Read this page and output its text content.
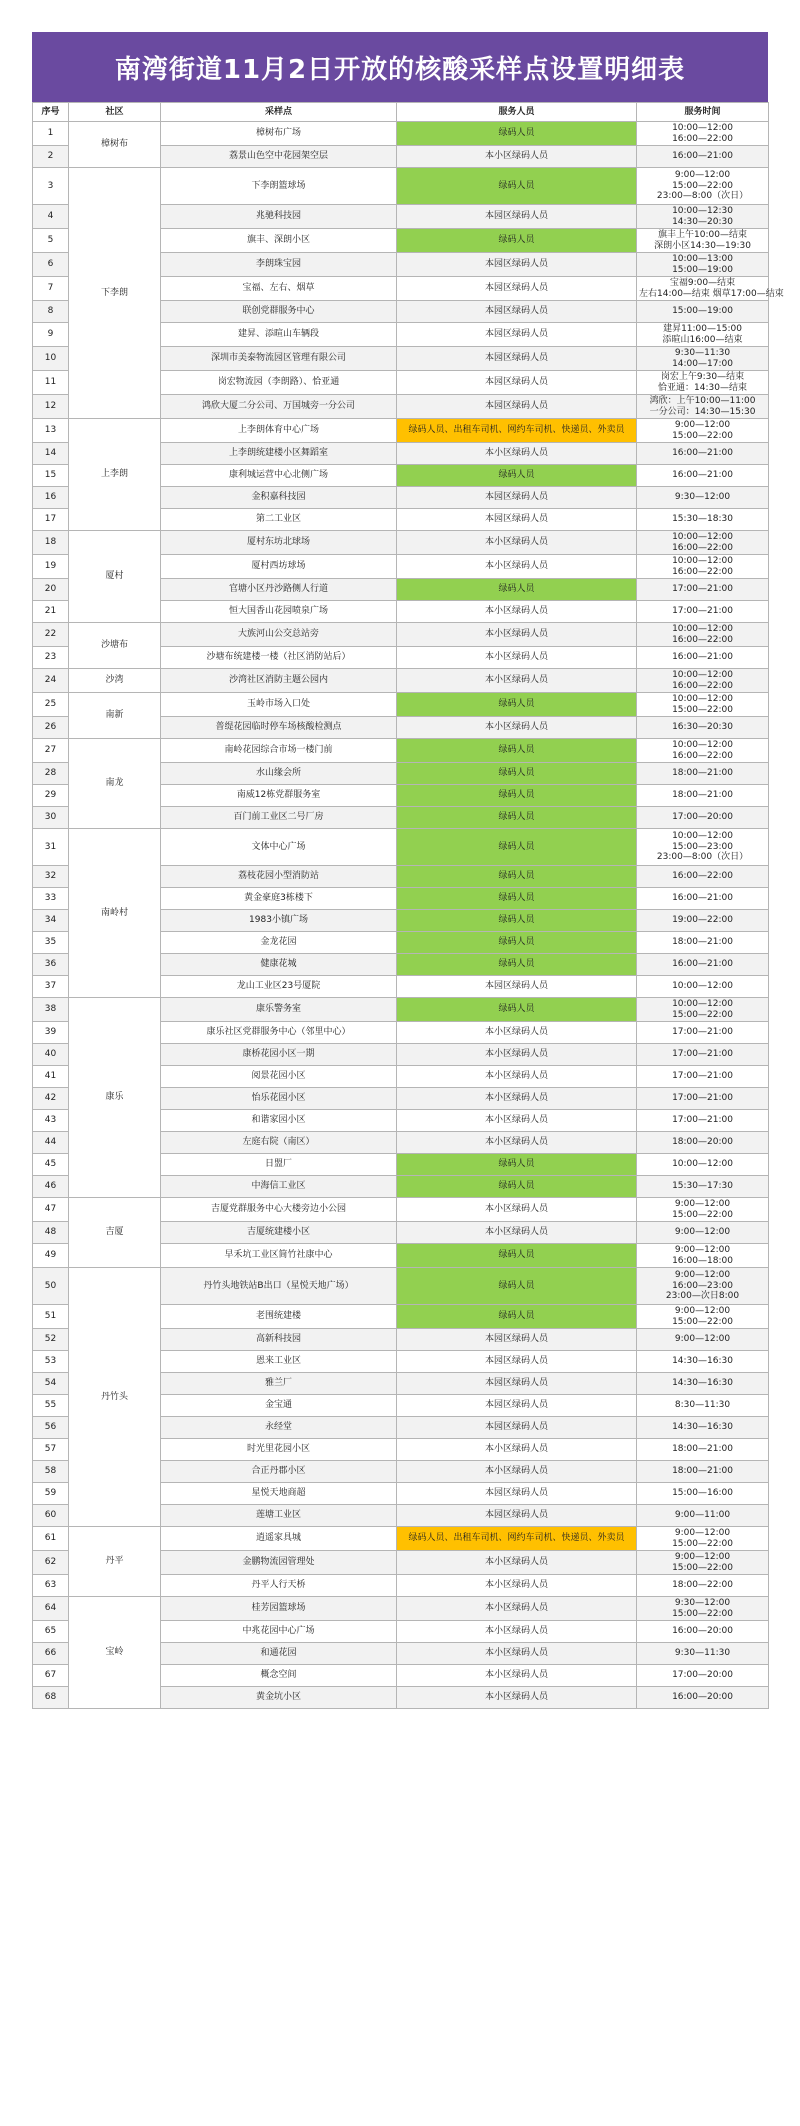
南湾街道11月2日开放的核酸采样点设置明细表
序号	社区	采样点	服务人员	服务时间
1	樟树布	樟树布广场	绿码人员	10:00—12:00
16:00—22:00

2		荔景山色空中花园架空层	本小区绿码人员	16:00—21:00

3	下李朗	下李朗篮球场	绿码人员	9:00—12:00
15:00—22:00
23:00—8:00（次日）

4		兆驰科技园	本园区绿码人员	10:00—12:30
14:30—20:30

5		旗丰、深朗小区	绿码人员	旗丰上午10:00—结束
深朗小区14:30—19:30

6		李朗珠宝园	本园区绿码人员	10:00—13:00
15:00—19:00

7		宝福、左右、烟草	本园区绿码人员	宝福9:00—结束
左右14:00—结束 烟草17:00—结束

8		联创党群服务中心	本园区绿码人员	15:00—19:00

9		建昇、添暄山车辆段	本园区绿码人员	建昇11:00—15:00
添暄山16:00—结束

10		深圳市美泰物流园区管理有限公司	本园区绿码人员	9:30—11:30
14:00—17:00

11		岗宏物流园（李朗路）、恰亚通	本园区绿码人员	岗宏上午9:30—结束
恰亚通：14:30—结束

12		鸿欣大厦二分公司、万国城旁一分公司	本园区绿码人员	鸿欣：上午10:00—11:00
一分公司：14:30—15:30

13	上李朗	上李朗体育中心广场	绿码人员、出租车司机、网约车司机、快递员、外卖员	9:00—12:00
15:00—22:00

14		上李朗统建楼小区舞蹈室	本小区绿码人员	16:00—21:00

15		康利城运营中心北侧广场	绿码人员	16:00—21:00

16		金积嘉科技园	本园区绿码人员	9:30—12:00

17		第二工业区	本园区绿码人员	15:30—18:30

18	厦村	厦村东坊北球场	本小区绿码人员	10:00—12:00
16:00—22:00

19		厦村西坊球场	本小区绿码人员	10:00—12:00
16:00—22:00

20		官塘小区丹沙路侧人行道	绿码人员	17:00—21:00

21		恒大国香山花园喷泉广场	本小区绿码人员	17:00—21:00

22	沙塘布	大族河山公交总站旁	本小区绿码人员	10:00—12:00
16:00—22:00

23		沙塘布统建楼一楼（社区消防站后）	本小区绿码人员	16:00—21:00

24	沙湾	沙湾社区消防主题公园内	本小区绿码人员	10:00—12:00
16:00—22:00

25	南新	玉岭市场入口处	绿码人员	10:00—12:00
15:00—22:00

26		普缇花园临时停车场核酸检测点	本小区绿码人员	16:30—20:30

27	南龙	南岭花园综合市场一楼门前	绿码人员	10:00—12:00
16:00—22:00

28		水山缘会所	绿码人员	18:00—21:00

29		南威12栋党群服务室	绿码人员	18:00—21:00

30		百门前工业区二号厂房	绿码人员	17:00—20:00

31	南岭村	文体中心广场	绿码人员	10:00—12:00
15:00—23:00
23:00—8:00（次日）

32		荔枝花园小型消防站	绿码人员	16:00—22:00

33		黄金豪庭3栋楼下	绿码人员	16:00—21:00

34		1983小镇广场	绿码人员	19:00—22:00

35		金龙花园	绿码人员	18:00—21:00

36		健康花城	绿码人员	16:00—21:00

37		龙山工业区23号厦院	本园区绿码人员	10:00—12:00

38	康乐	康乐警务室	绿码人员	10:00—12:00
15:00—22:00

39		康乐社区党群服务中心（邻里中心）	本小区绿码人员	17:00—21:00

40		康桥花园小区一期	本小区绿码人员	17:00—21:00

41		阅景花园小区	本小区绿码人员	17:00—21:00

42		怡乐花园小区	本小区绿码人员	17:00—21:00

43		和谐家园小区	本小区绿码人员	17:00—21:00

44		左庭右院（南区）	本小区绿码人员	18:00—20:00

45		日盟厂	绿码人员	10:00—12:00

46		中海信工业区	绿码人员	15:30—17:30

47	吉厦	吉厦党群服务中心大楼旁边小公园	本小区绿码人员	9:00—12:00
15:00—22:00

48		吉厦统建楼小区	本小区绿码人员	9:00—12:00

49		早禾坑工业区简竹社康中心	绿码人员	9:00—12:00
16:00—18:00

50	丹竹头	丹竹头地铁站B出口（星悦天地广场）	绿码人员	9:00—12:00
16:00—23:00
23:00—次日8:00

51		老围统建楼	绿码人员	9:00—12:00
15:00—22:00

52		高新科技园	本园区绿码人员	9:00—12:00

53		恩来工业区	本园区绿码人员	14:30—16:30

54		雅兰厂	本园区绿码人员	14:30—16:30

55		金宝通	本园区绿码人员	8:30—11:30

56		永经堂	本园区绿码人员	14:30—16:30

57		时光里花园小区	本小区绿码人员	18:00—21:00

58		合正丹郡小区	本小区绿码人员	18:00—21:00

59		星悦天地商超	本园区绿码人员	15:00—16:00

60		莲塘工业区	本园区绿码人员	9:00—11:00

61	丹平	逍遥家具城	绿码人员、出租车司机、网约车司机、快递员、外卖员	9:00—12:00
15:00—22:00

62		金鹏物流园管理处	本小区绿码人员	9:00—12:00
15:00—22:00

63		丹平人行天桥	本小区绿码人员	18:00—22:00

64	宝岭	桂芳园篮球场	本小区绿码人员	9:30—12:00
15:00—22:00

65		中兆花园中心广场	本小区绿码人员	16:00—20:00

66		和通花园	本小区绿码人员	9:30—11:30

67		概念空间	本小区绿码人员	17:00—20:00

68		黄金坑小区	本小区绿码人员	16:00—20:00
